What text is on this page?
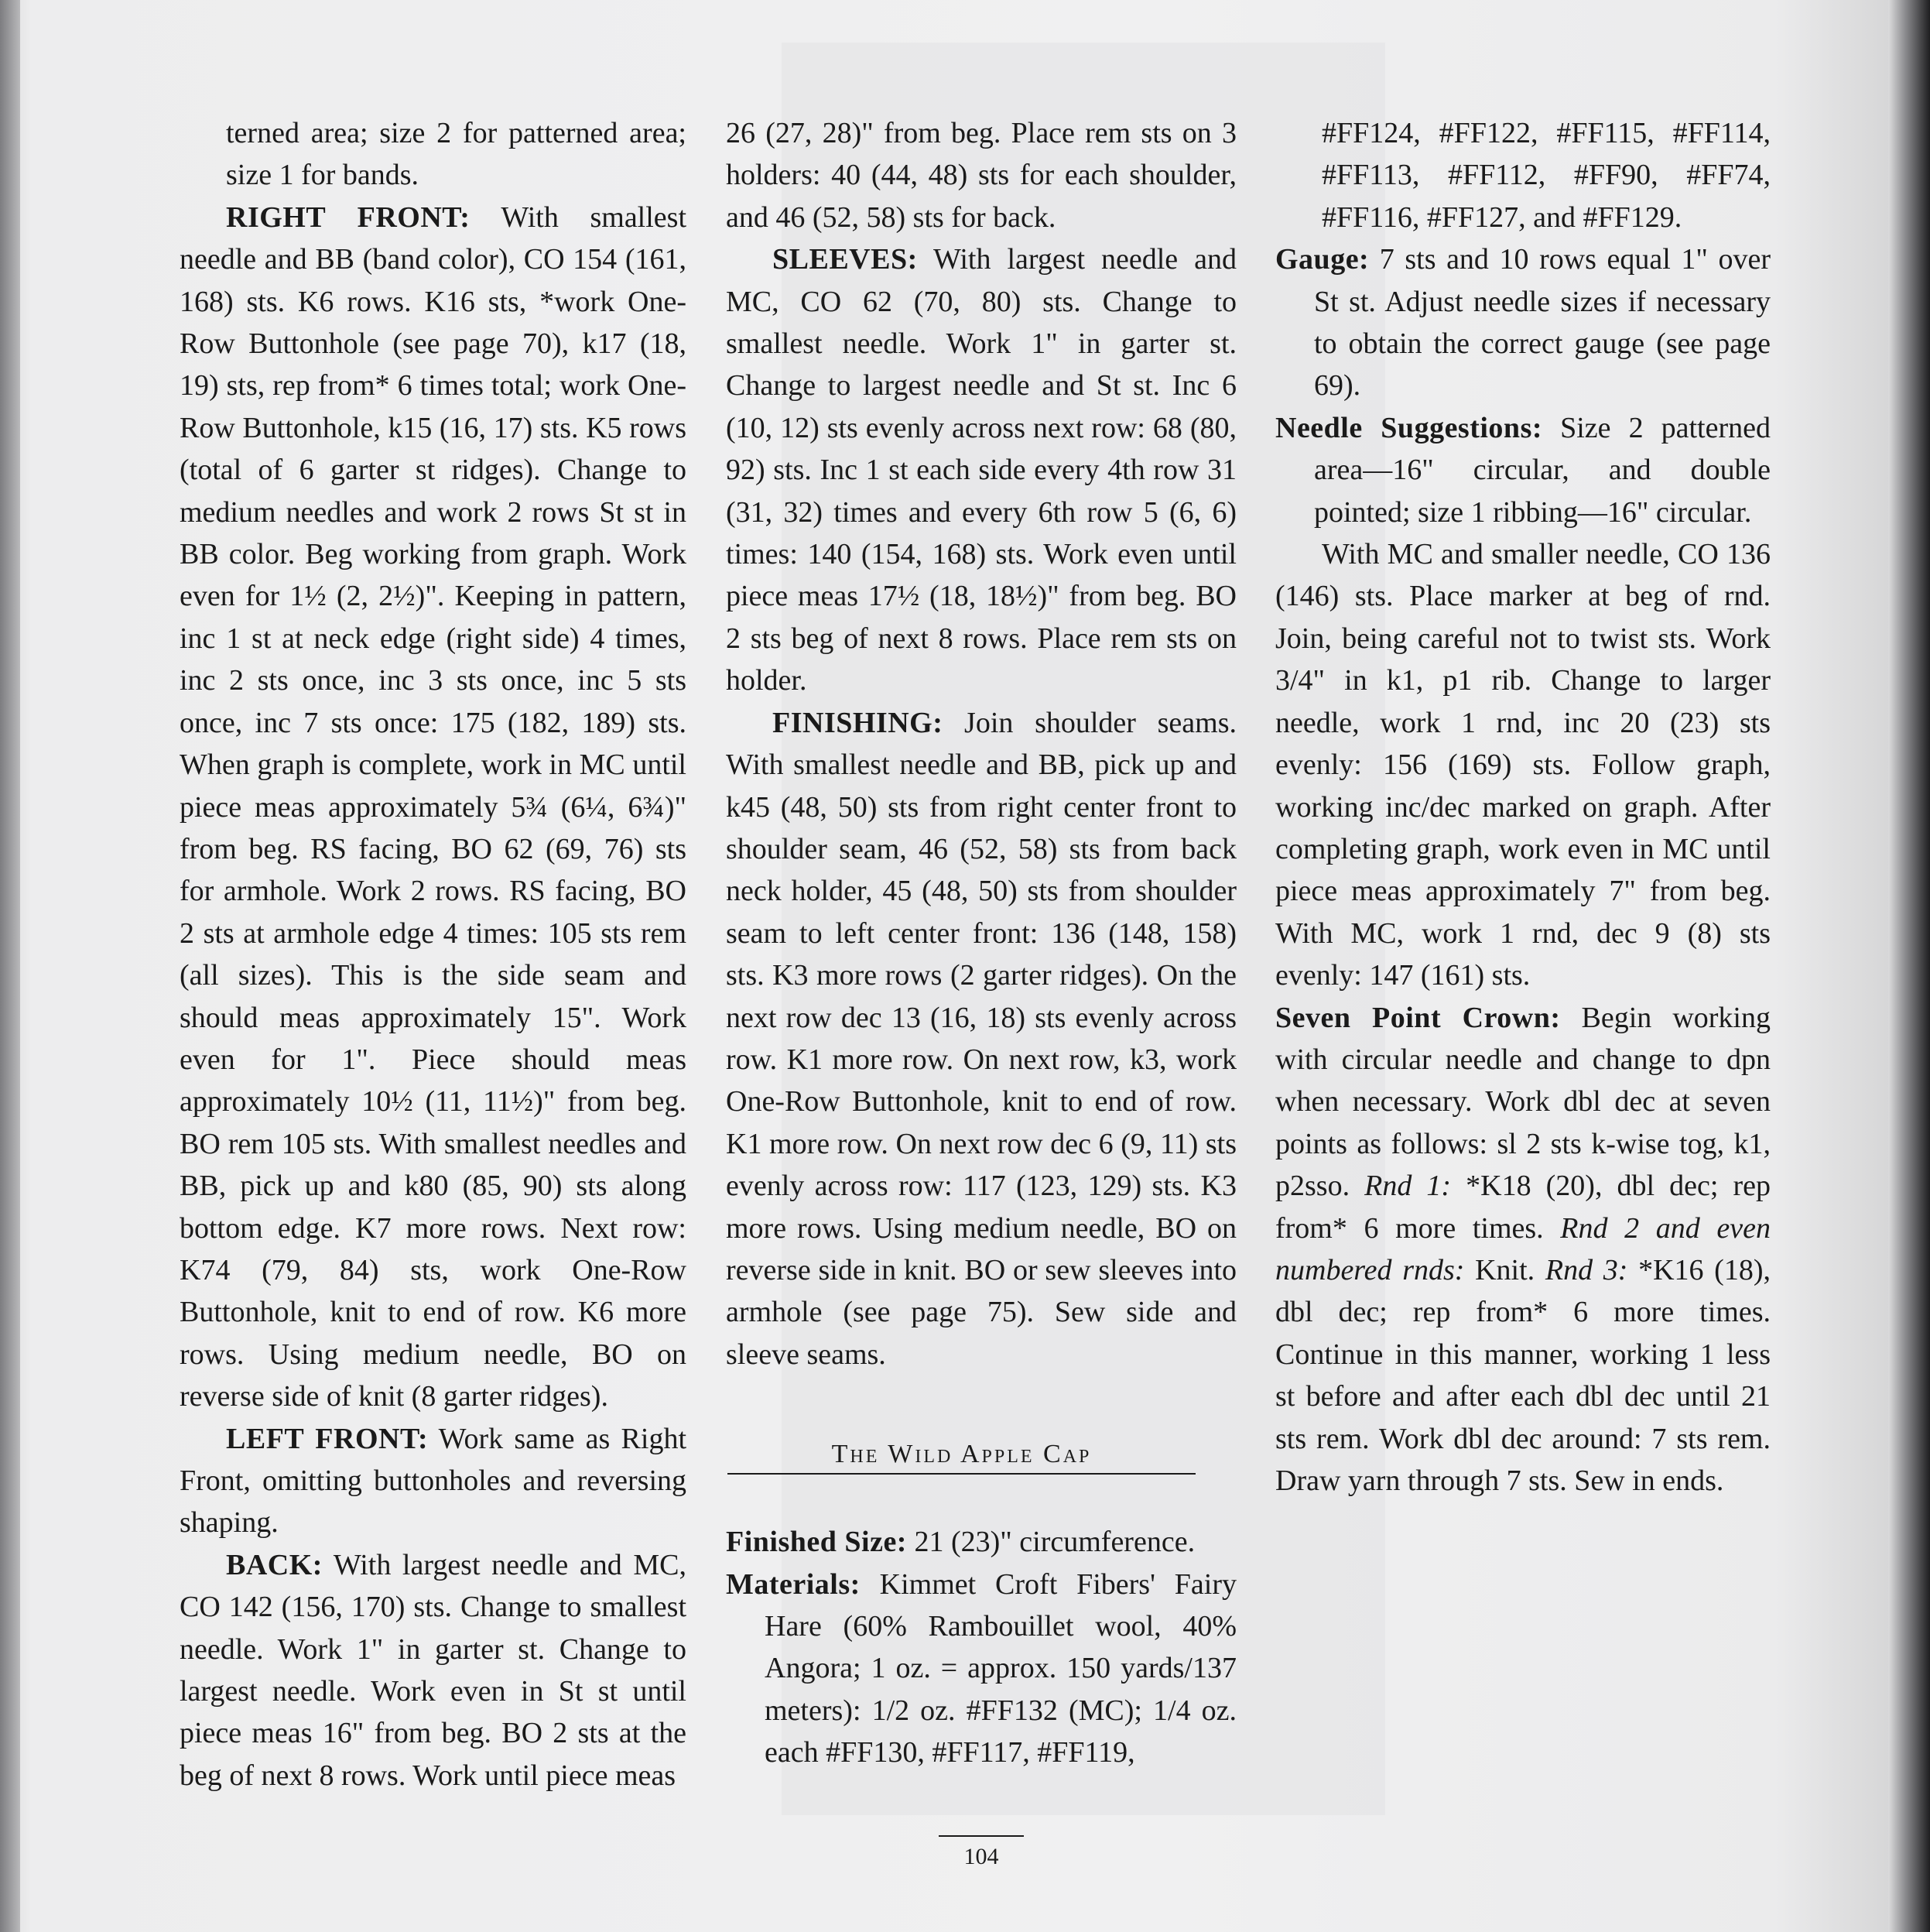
terned area; size 2 for patterned area; size 1 for bands.

RIGHT FRONT: With smallest needle and BB (band color), CO 154 (161, 168) sts. K6 rows. K16 sts, *work One-Row Buttonhole (see page 70), k17 (18, 19) sts, rep from* 6 times total; work One-Row Buttonhole, k15 (16, 17) sts. K5 rows (total of 6 garter st ridges). Change to medium needles and work 2 rows St st in BB color. Beg working from graph. Work even for 1½ (2, 2½)". Keeping in pattern, inc 1 st at neck edge (right side) 4 times, inc 2 sts once, inc 3 sts once, inc 5 sts once, inc 7 sts once: 175 (182, 189) sts. When graph is complete, work in MC until piece meas approximately 5¾ (6¼, 6¾)" from beg. RS facing, BO 62 (69, 76) sts for armhole. Work 2 rows. RS facing, BO 2 sts at armhole edge 4 times: 105 sts rem (all sizes). This is the side seam and should meas approximately 15". Work even for 1". Piece should meas approximately 10½ (11, 11½)" from beg. BO rem 105 sts. With smallest needles and BB, pick up and k80 (85, 90) sts along bottom edge. K7 more rows. Next row: K74 (79, 84) sts, work One-Row Buttonhole, knit to end of row. K6 more rows. Using medium needle, BO on reverse side of knit (8 garter ridges).

LEFT FRONT: Work same as Right Front, omitting buttonholes and reversing shaping.

BACK: With largest needle and MC, CO 142 (156, 170) sts. Change to smallest needle. Work 1" in garter st. Change to largest needle. Work even in St st until piece meas 16" from beg. BO 2 sts at the beg of next 8 rows. Work until piece meas

26 (27, 28)" from beg. Place rem sts on 3 holders: 40 (44, 48) sts for each shoulder, and 46 (52, 58) sts for back.

SLEEVES: With largest needle and MC, CO 62 (70, 80) sts. Change to smallest needle. Work 1" in garter st. Change to largest needle and St st. Inc 6 (10, 12) sts evenly across next row: 68 (80, 92) sts. Inc 1 st each side every 4th row 31 (31, 32) times and every 6th row 5 (6, 6) times: 140 (154, 168) sts. Work even until piece meas 17½ (18, 18½)" from beg. BO 2 sts beg of next 8 rows. Place rem sts on holder.

FINISHING: Join shoulder seams. With smallest needle and BB, pick up and k45 (48, 50) sts from right center front to shoulder seam, 46 (52, 58) sts from back neck holder, 45 (48, 50) sts from shoulder seam to left center front: 136 (148, 158) sts. K3 more rows (2 garter ridges). On the next row dec 13 (16, 18) sts evenly across row. K1 more row. On next row, k3, work One-Row Buttonhole, knit to end of row. K1 more row. On next row dec 6 (9, 11) sts evenly across row: 117 (123, 129) sts. K3 more rows. Using medium needle, BO on reverse side in knit. BO or sew sleeves into armhole (see page 75). Sew side and sleeve seams.

The Wild Apple Cap

Finished Size: 21 (23)" circumference.

Materials: Kimmet Croft Fibers' Fairy Hare (60% Rambouillet wool, 40% Angora; 1 oz. = approx. 150 yards/137 meters): 1/2 oz. #FF132 (MC); 1/4 oz. each #FF130, #FF117, #FF119,

#FF124, #FF122, #FF115, #FF114, #FF113, #FF112, #FF90, #FF74, #FF116, #FF127, and #FF129.

Gauge: 7 sts and 10 rows equal 1" over St st. Adjust needle sizes if necessary to obtain the correct gauge (see page 69).

Needle Suggestions: Size 2 patterned area—16" circular, and double pointed; size 1 ribbing—16" circular.

With MC and smaller needle, CO 136 (146) sts. Place marker at beg of rnd. Join, being careful not to twist sts. Work 3/4" in k1, p1 rib. Change to larger needle, work 1 rnd, inc 20 (23) sts evenly: 156 (169) sts. Follow graph, working inc/dec marked on graph. After completing graph, work even in MC until piece meas approximately 7" from beg. With MC, work 1 rnd, dec 9 (8) sts evenly: 147 (161) sts.

Seven Point Crown: Begin working with circular needle and change to dpn when necessary. Work dbl dec at seven points as follows: sl 2 sts k-wise tog, k1, p2sso. Rnd 1: *K18 (20), dbl dec; rep from* 6 more times. Rnd 2 and even numbered rnds: Knit. Rnd 3: *K16 (18), dbl dec; rep from* 6 more times. Continue in this manner, working 1 less st before and after each dbl dec until 21 sts rem. Work dbl dec around: 7 sts rem. Draw yarn through 7 sts. Sew in ends.

104
